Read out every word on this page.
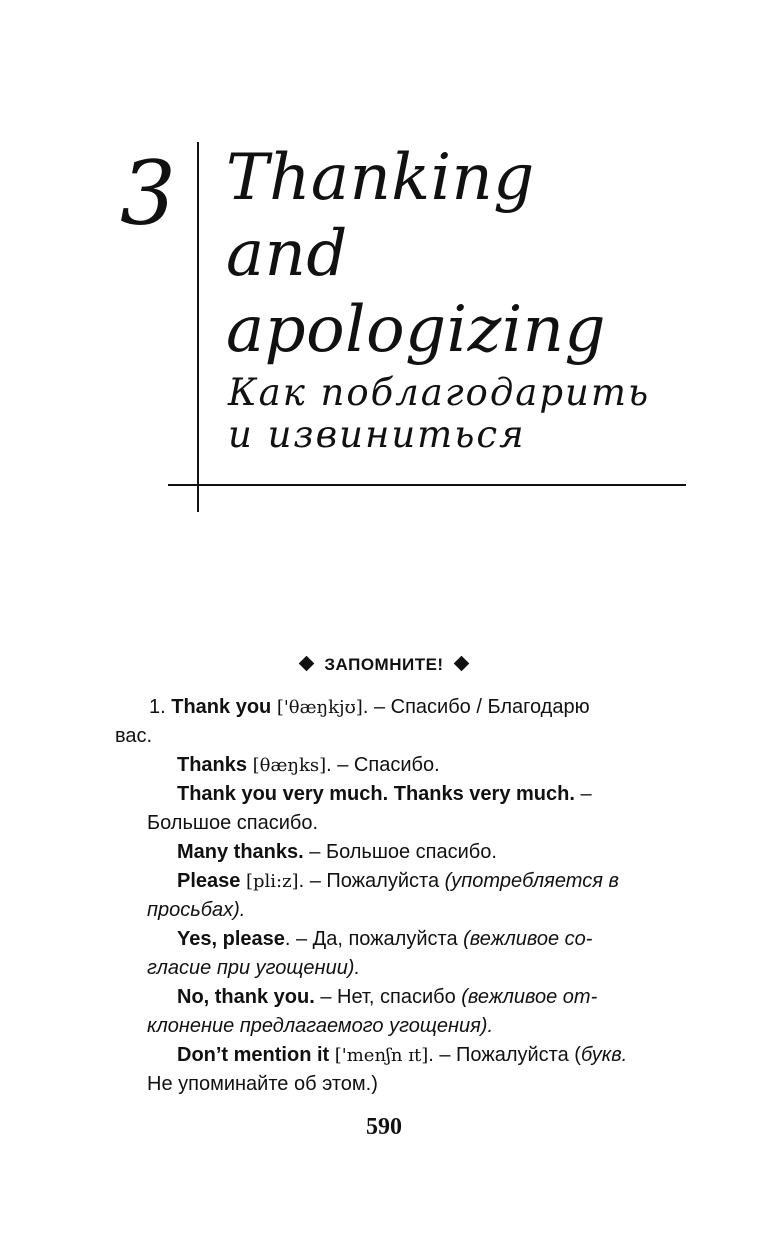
3 Thanking
and
apologizing
Как поблагодарить
и извиниться
ЗАПОМНИТЕ!

1. Thank you ['θæŋkjʊ]. – Спасибо / Благодарю

вас.

Thanks [θæŋks]. – Спасибо.

Thank you very much. Thanks very much. –

Большое спасибо.

Many thanks. – Большое спасибо.

Please [pli:z]. – Пожалуйста (употребляется в

просьбах).

Yes, please. – Да, пожалуйста (вежливое со-

гласие при угощении).

No, thank you. – Нет, спасибо (вежливое от-

клонение предлагаемого угощения).

Don’t mention it ['menʃn ɪt]. – Пожалуйста (букв.

Не упоминайте об этом.)

590
